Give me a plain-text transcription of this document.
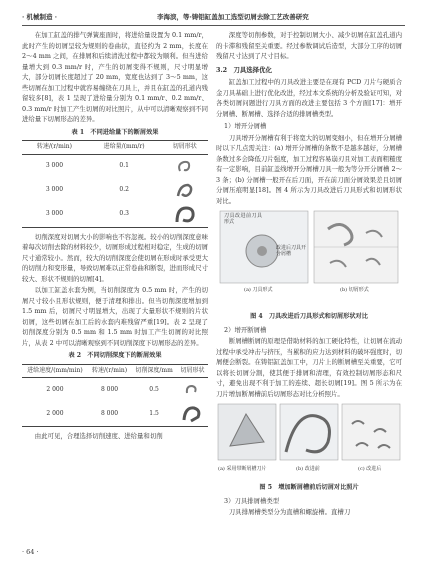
· 机械制造 ·	李海滨，等·铸铝缸盖加工选型切屑去除工艺改善研究

在加工缸盖的排气弹簧座面时，将进给量设置为 0.1 mm/r，此时产生的切屑呈较为规则的卷曲状，直径约为 2 mm，长度在 2～4 mm 之间，在排屑和后续清洗过程中都较为顺利。但当进给量增大到 0.3 mm/r 时，产生的切屑变得不规则，尺寸明显增大，部分切屑长度超过了 20 mm，宽度也达到了 3～5 mm，这些切屑在加工过程中就容易缠绕在刀具上，并且在缸盖的孔道内残留较多[8]，表 1 呈现了进给量分别为 0.1 mm/r、0.2 mm/r、0.3 mm/r 时加工产生切屑的对比照片，从中可以清晰观察到不同进给量下切屑形态的差异。

表 1　不同进给量下的断屑效果
转速/(r/min)	进给量/(mm/r)	切屑形状
3 000	0.1	
3 000	0.2	
3 000	0.3	

切削深度对切屑大小的影响也不容忽视。较小的切削深度意味着每次切削去除的材料较少，切屑形成过程相对稳定，生成的切屑尺寸通常较小。然而，较大的切削深度会使切屑在形成时承受更大的切削力和变形量，导致切屑难以正常卷曲和断裂，进而形成尺寸较大、形状不规则的切屑[4]。

以加工缸盖水套为例，当切削深度为 0.5 mm 时，产生的切屑尺寸较小且形状规则，便于清理和排出。但当切削深度增加到 1.5 mm 后，切屑尺寸明显增大，出现了大量形状不规则的片状切屑，这些切屑在加工后的水套内难残留严重[19]。表 2 呈现了切削深度分别为 0.5 mm 和 1.5 mm 时加工产生切屑的对比照片，从表 2 中可以清晰观察到不同切削深度下切屑形态的差异。

表 2　不同切削深度下的断屑效果
进给速度/(mm/min)	转速/(r/min)	切削深度/mm	切屑形状
2 000	8 000	0.5	
2 000	8 000	1.5	

由此可见，合理选择切削速度、进给量和切削

深度等切削参数，对于控制切屑大小、减少切屑在缸盖孔道内的卡滞和残留至关重要。经过参数调试后造型，大部分工序的切屑残留尺寸达到了尺寸目标。

3.2　刀具选择优化

缸盖加工过程中的刀具改进主要是在现有 PCD 刀片与硬质合金刀具基础上进行优化改进，经过本文系统的分析及验证可知，对各类切屑问题进行刀具方面的改进主要包括 3 个方面[17]：增开分屑槽、断屑槽、选择合适的排屑槽类型。

1）增开分屑槽

刀具增开分屑槽有利于将宽大的切屑变细小，但在增开分屑槽时以下几点需关注：(a) 增开分屑槽的条数不是越多越好，分屑槽条数过多会降低刀片强度，加工过程容易崩刃且对加工表面粗糙度有一定影响，目前缸盖线增开分屑槽刀具一般为等分开分屑槽 2～3 条；(b) 分屑槽一般开在后刀面，开在前刀面分屑效果差且切屑分屑压痕明显[18]。图 4 所示为刀具改进后刀具形式和切屑形状对比。

刀具改进前刀具形式
改进后刀具开分屑槽
(a) 刀具形式	(b) 切屑形式
图 4　刀具改进后刀具形式和切屑形状对比
2）增开断屑槽

断屑槽断屑的原理是借助材料的加工硬化特性，让切屑在流动过程中承受冲击与挤压，当累积的应力达到材料的破坏强度时，切屑便会断裂。在铸铝缸盖加工中，刀片上的断屑槽至关重要，它可以将长切屑分割，使其便于排屑和清理，有效控制切屑形态和尺寸，避免出现不利于加工的连续、超长切屑[19]。图 5 所示为在刀片增加断屑槽前后切屑形态对比分析照片。

(a) 采用带断屑槽刀片	(b) 改进前	(c) 改进后
图 5　增加断屑槽前后切屑对比照片
3）刀具排屑槽类型

刀具排屑槽类型分为直槽和螺旋槽。直槽刀

· 64 ·
